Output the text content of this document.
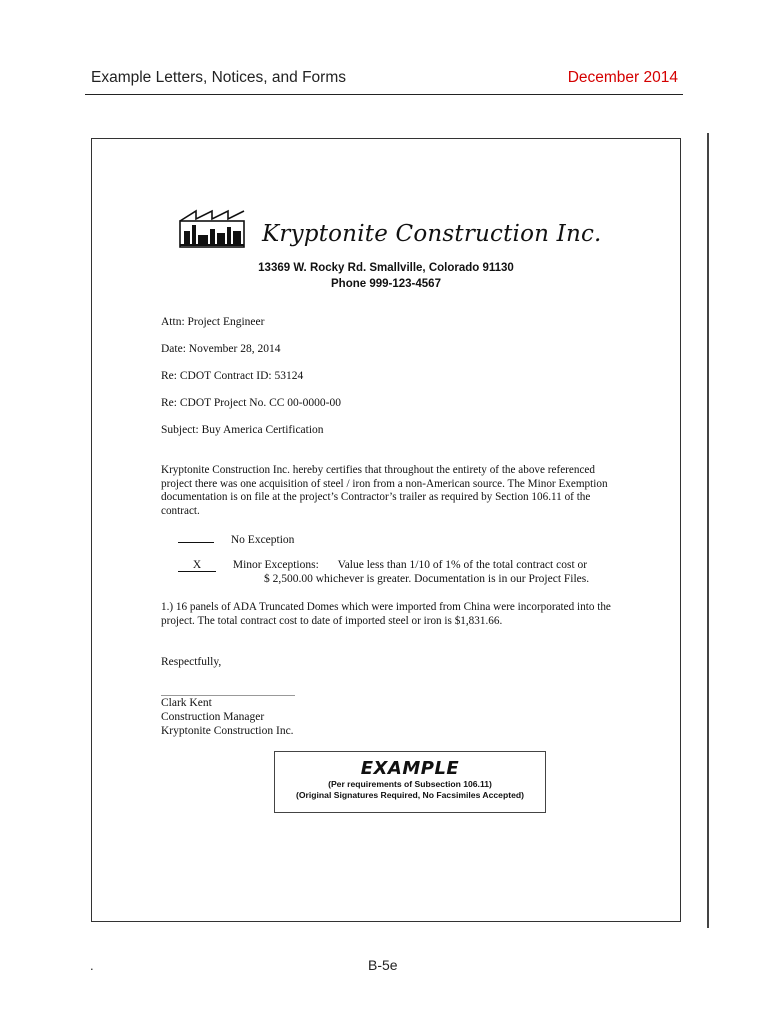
Example Letters, Notices, and Forms	December 2014
Kryptonite Construction Inc.
13369 W. Rocky Rd. Smallville, Colorado 91130
Phone 999-123-4567
Attn: Project Engineer
Date: November 28, 2014
Re: CDOT Contract ID: 53124
Re: CDOT Project No. CC 00-0000-00
Subject: Buy America Certification
Kryptonite Construction Inc. hereby certifies that throughout the entirety of the above referenced project there was one acquisition of steel / iron from a non-American source. The Minor Exemption documentation is on file at the project’s Contractor’s trailer as required by Section 106.11 of the contract.
No Exception
X	Minor Exceptions: Value less than 1/10 of 1% of the total contract cost or
$ 2,500.00 whichever is greater. Documentation is in our Project Files.
1.) 16 panels of ADA Truncated Domes which were imported from China were incorporated into the project. The total contract cost to date of imported steel or iron is $1,831.66.
Respectfully,
Clark Kent
Construction Manager
Kryptonite Construction Inc.
EXAMPLE
(Per requirements of Subsection 106.11)
(Original Signatures Required, No Facsimiles Accepted)
.	B-5e
